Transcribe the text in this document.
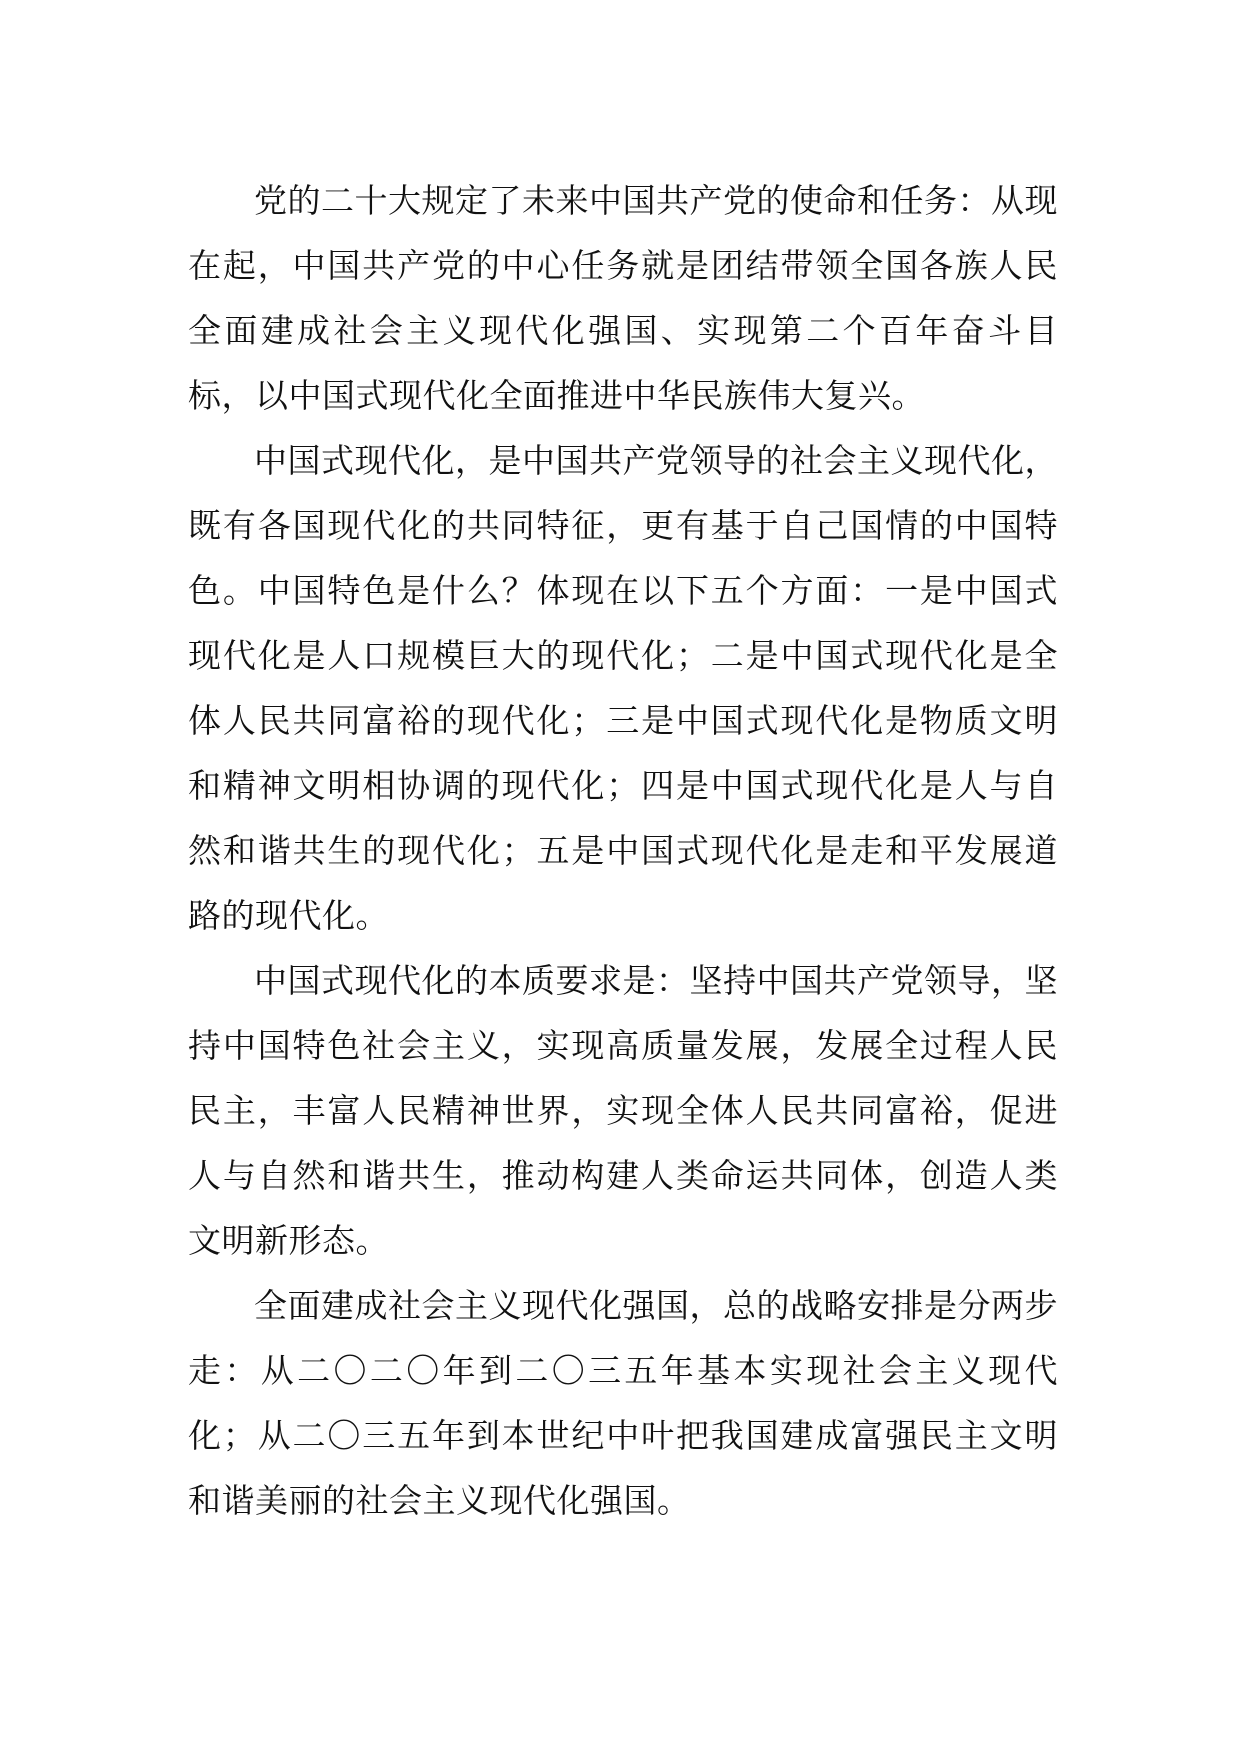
党的二十大规定了未来中国共产党的使命和任务：从现在起，中国共产党的中心任务就是团结带领全国各族人民全面建成社会主义现代化强国、实现第二个百年奋斗目标，以中国式现代化全面推进中华民族伟大复兴。

中国式现代化，是中国共产党领导的社会主义现代化，既有各国现代化的共同特征，更有基于自己国情的中国特色。中国特色是什么？体现在以下五个方面：一是中国式现代化是人口规模巨大的现代化；二是中国式现代化是全体人民共同富裕的现代化；三是中国式现代化是物质文明和精神文明相协调的现代化；四是中国式现代化是人与自然和谐共生的现代化；五是中国式现代化是走和平发展道路的现代化。

中国式现代化的本质要求是：坚持中国共产党领导，坚持中国特色社会主义，实现高质量发展，发展全过程人民民主，丰富人民精神世界，实现全体人民共同富裕，促进人与自然和谐共生，推动构建人类命运共同体，创造人类文明新形态。

全面建成社会主义现代化强国，总的战略安排是分两步走：从二〇二〇年到二〇三五年基本实现社会主义现代化；从二〇三五年到本世纪中叶把我国建成富强民主文明和谐美丽的社会主义现代化强国。
